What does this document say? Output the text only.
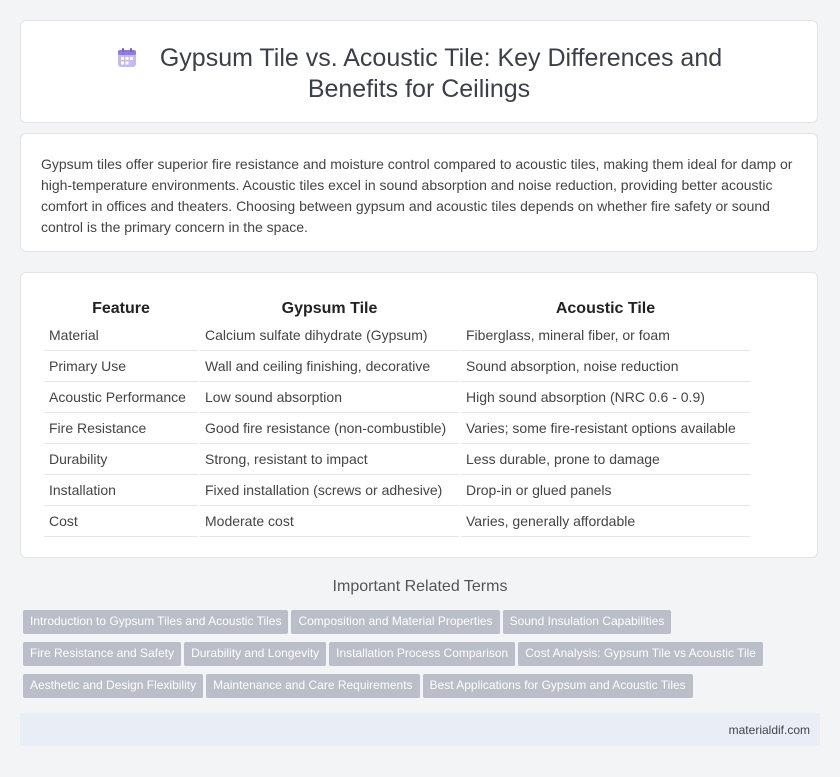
Gypsum Tile vs. Acoustic Tile: Key Differences and Benefits for Ceilings

Gypsum tiles offer superior fire resistance and moisture control compared to acoustic tiles, making them ideal for damp or high-temperature environments. Acoustic tiles excel in sound absorption and noise reduction, providing better acoustic comfort in offices and theaters. Choosing between gypsum and acoustic tiles depends on whether fire safety or sound control is the primary concern in the space.

Feature	Gypsum Tile	Acoustic Tile
Material	Calcium sulfate dihydrate (Gypsum)	Fiberglass, mineral fiber, or foam
Primary Use	Wall and ceiling finishing, decorative	Sound absorption, noise reduction
Acoustic Performance	Low sound absorption	High sound absorption (NRC 0.6 - 0.9)
Fire Resistance	Good fire resistance (non-combustible)	Varies; some fire-resistant options available
Durability	Strong, resistant to impact	Less durable, prone to damage
Installation	Fixed installation (screws or adhesive)	Drop-in or glued panels
Cost	Moderate cost	Varies, generally affordable
Important Related Terms
Introduction to Gypsum Tiles and Acoustic Tiles Composition and Material Properties Sound Insulation Capabilities
Fire Resistance and Safety Durability and Longevity Installation Process Comparison Cost Analysis: Gypsum Tile vs Acoustic Tile
Aesthetic and Design Flexibility Maintenance and Care Requirements Best Applications for Gypsum and Acoustic Tiles
materialdif.com
